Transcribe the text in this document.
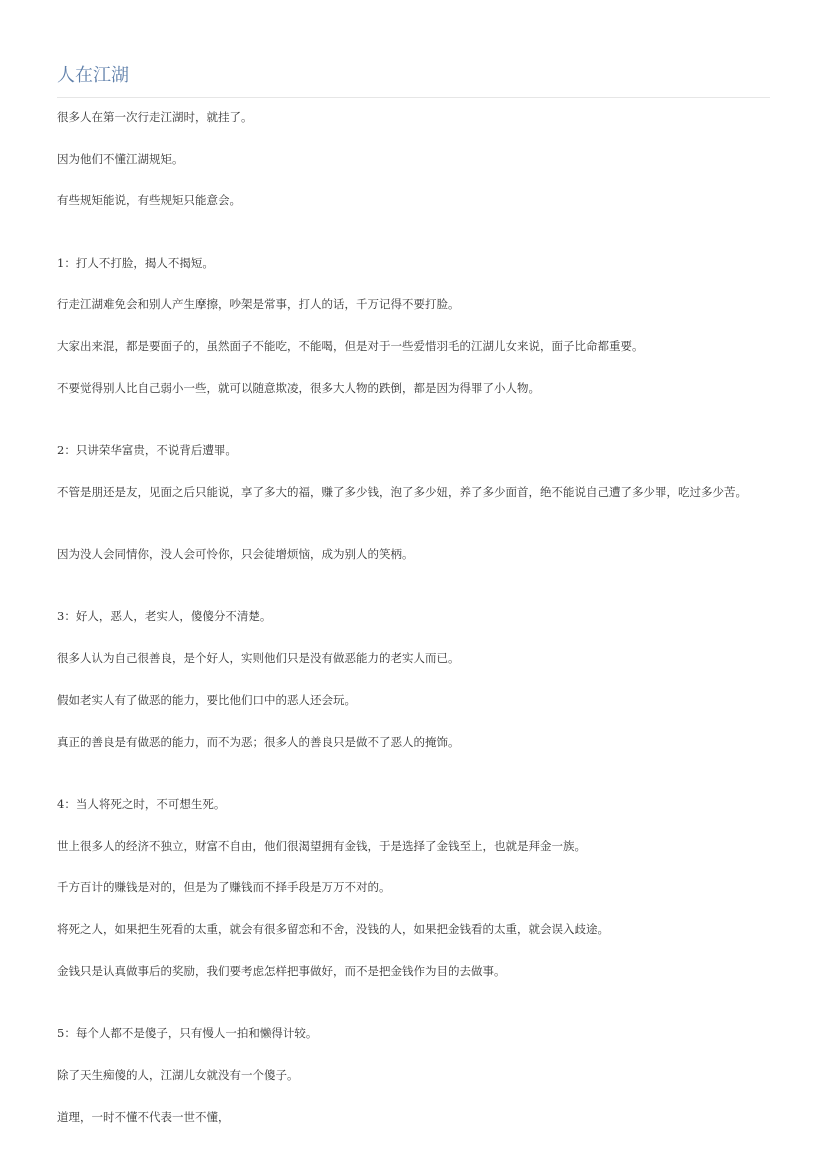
人在江湖

很多人在第一次行走江湖时，就挂了。

因为他们不懂江湖规矩。

有些规矩能说，有些规矩只能意会。

1：打人不打脸，揭人不揭短。

行走江湖难免会和别人产生摩擦，吵架是常事，打人的话，千万记得不要打脸。

大家出来混，都是要面子的，虽然面子不能吃，不能喝，但是对于一些爱惜羽毛的江湖儿女来说，面子比命都重要。

不要觉得别人比自己弱小一些，就可以随意欺凌，很多大人物的跌倒，都是因为得罪了小人物。

2：只讲荣华富贵，不说背后遭罪。

不管是朋还是友，见面之后只能说，享了多大的福，赚了多少钱，泡了多少妞，养了多少面首，绝不能说自己遭了多少罪，吃过多少苦。

因为没人会同情你，没人会可怜你，只会徒增烦恼，成为别人的笑柄。

3：好人，恶人，老实人，傻傻分不清楚。

很多人认为自己很善良，是个好人，实则他们只是没有做恶能力的老实人而已。

假如老实人有了做恶的能力，要比他们口中的恶人还会玩。

真正的善良是有做恶的能力，而不为恶；很多人的善良只是做不了恶人的掩饰。

4：当人将死之时，不可想生死。

世上很多人的经济不独立，财富不自由，他们很渴望拥有金钱，于是选择了金钱至上，也就是拜金一族。

千方百计的赚钱是对的，但是为了赚钱而不择手段是万万不对的。

将死之人，如果把生死看的太重，就会有很多留恋和不舍，没钱的人，如果把金钱看的太重，就会误入歧途。

金钱只是认真做事后的奖励，我们要考虑怎样把事做好，而不是把金钱作为目的去做事。

5：每个人都不是傻子，只有慢人一拍和懒得计较。

除了天生痴傻的人，江湖儿女就没有一个傻子。

道理，一时不懂不代表一世不懂，
